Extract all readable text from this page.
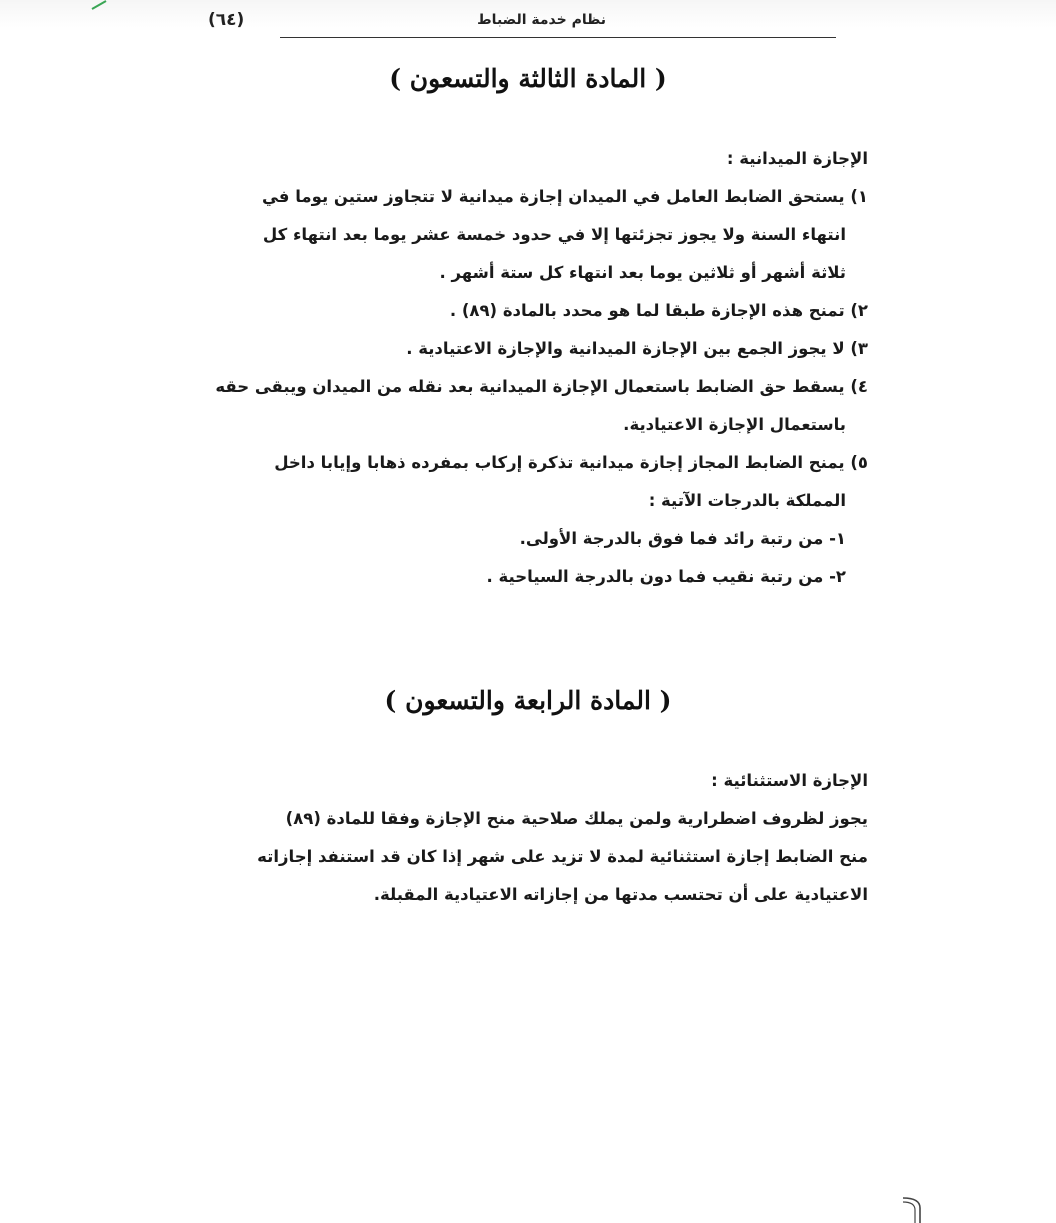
نظام خدمة الضباط
(٦٤)
( المادة الثالثة والتسعون )
الإجازة الميدانية :
١) يستحق الضابط العامل في الميدان إجازة ميدانية لا تتجاوز ستين يوما في
انتهاء السنة ولا يجوز تجزئتها إلا في حدود خمسة عشر يوما بعد انتهاء كل
ثلاثة أشهر أو ثلاثين يوما بعد انتهاء كل ستة أشهر .
٢) تمنح هذه الإجازة طبقا لما هو محدد بالمادة (٨٩) .
٣) لا يجوز الجمع بين الإجازة الميدانية والإجازة الاعتيادية .
٤) يسقط حق الضابط باستعمال الإجازة الميدانية بعد نقله من الميدان ويبقى حقه
باستعمال الإجازة الاعتيادية.
٥) يمنح الضابط المجاز إجازة ميدانية تذكرة إركاب بمفرده ذهابا وإيابا داخل
المملكة بالدرجات الآتية :
١- من رتبة رائد فما فوق بالدرجة الأولى.
٢- من رتبة نقيب فما دون بالدرجة السياحية .
( المادة الرابعة والتسعون )
الإجازة الاستثنائية :
يجوز لظروف اضطرارية ولمن يملك صلاحية منح الإجازة وفقا للمادة (٨٩)
منح الضابط إجازة استثنائية لمدة لا تزيد على شهر إذا كان قد استنفد إجازاته
الاعتيادية على أن تحتسب مدتها من إجازاته الاعتيادية المقبلة.
